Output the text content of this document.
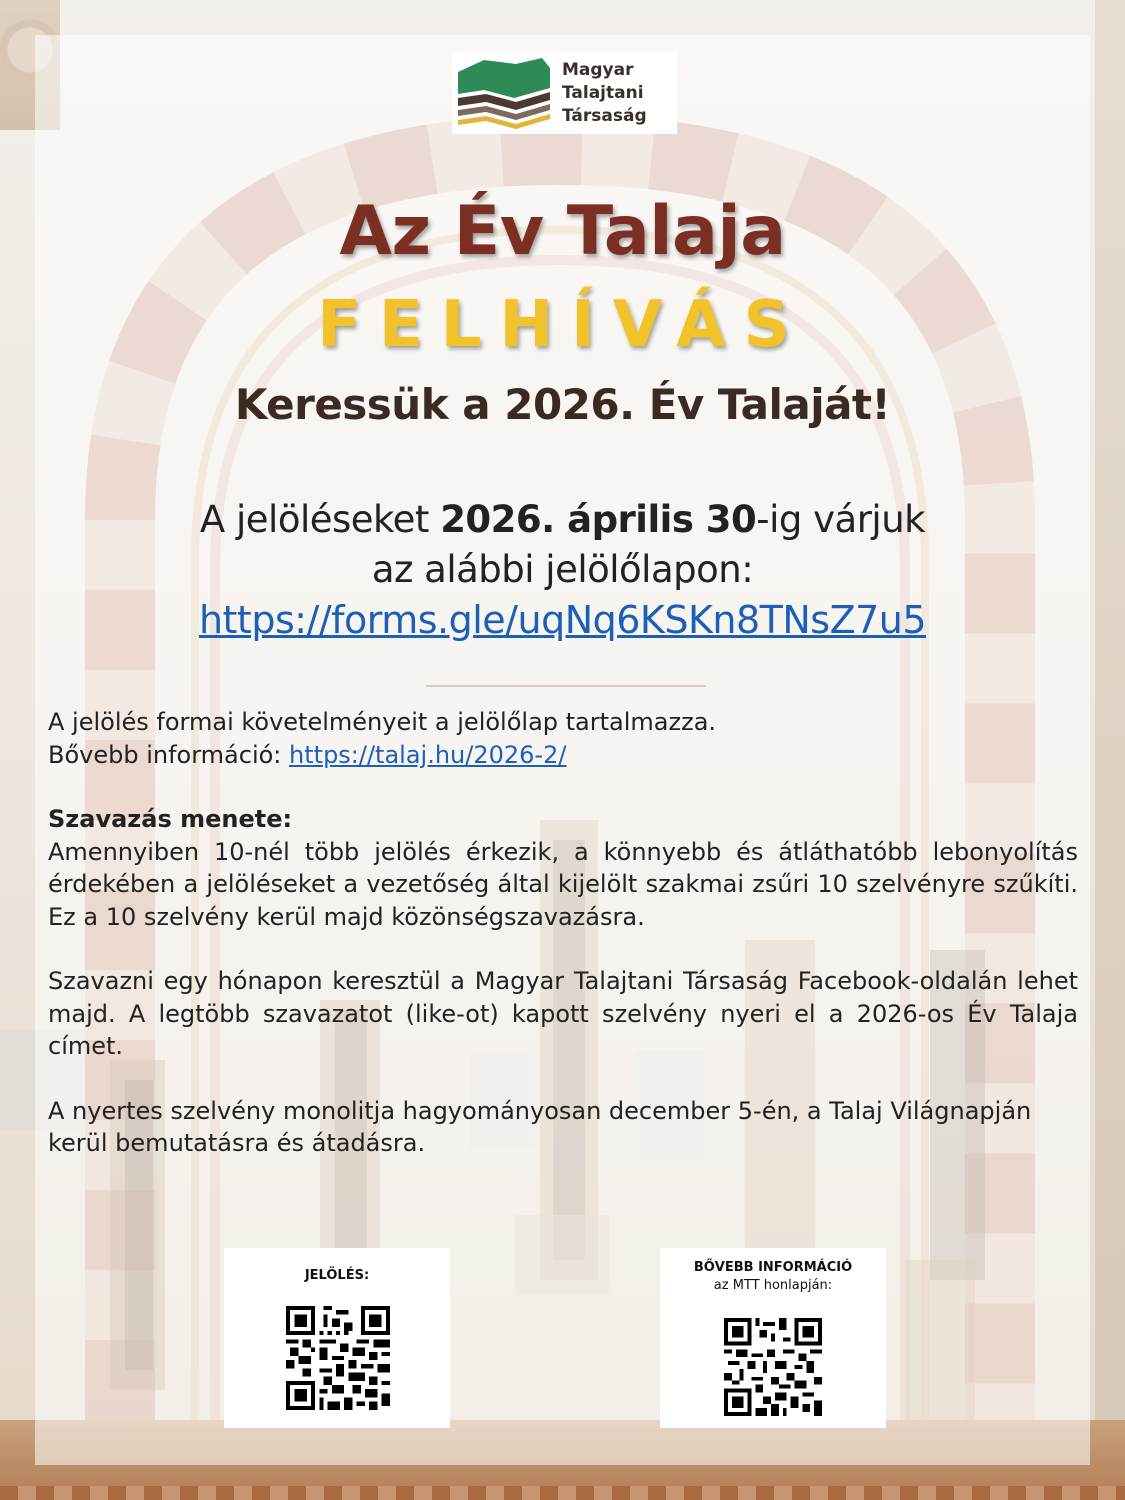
Magyar
Talajtani
Társaság
Az Év Talaja
FELHÍVÁS
Keressük a 2026. Év Talaját!
A jelöléseket 2026. április 30-ig várjuk
az alábbi jelölőlapon:
https://forms.gle/uqNq6KSKn8TNsZ7u5

A jelölés formai követelményeit a jelölőlap tartalmazza.

Bővebb információ: https://talaj.hu/2026-2/

Szavazás menete:

Amennyiben 10-nél több jelölés érkezik, a könnyebb és átláthatóbb lebonyolítás érdekében a jelöléseket a vezetőség által kijelölt szakmai zsűri 10 szelvényre szűkíti. Ez a 10 szelvény kerül majd közönségszavazásra.

Szavazni egy hónapon keresztül a Magyar Talajtani Társaság Facebook-oldalán lehet majd. A legtöbb szavazatot (like-ot) kapott szelvény nyeri el a 2026-os Év Talaja címet.

A nyertes szelvény monolitja hagyományosan december 5-én, a Talaj Világnapján kerül bemutatásra és átadásra.

JELÖLÉS:
BŐVEBB INFORMÁCIÓ
az MTT honlapján:
